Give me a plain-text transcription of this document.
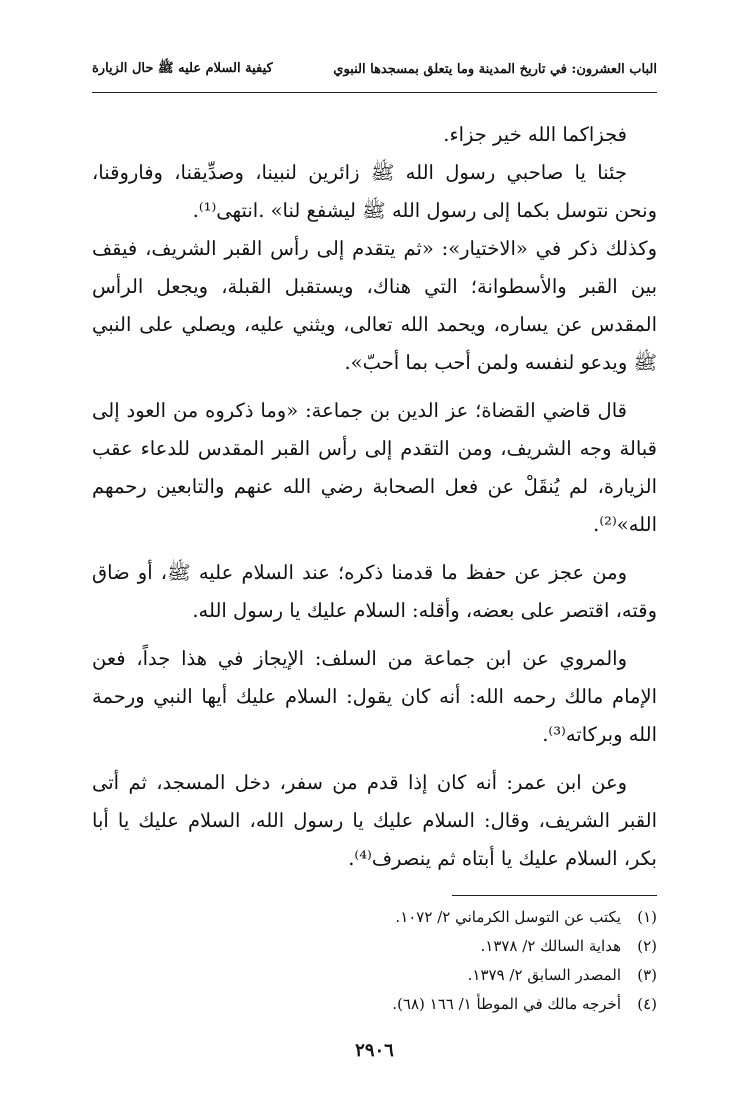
الباب العشرون: في تاريخ المدينة وما يتعلق بمسجدها النبوي
كيفية السلام عليه ﷺ حال الزيارة

فجزاكما الله خير جزاء.

جئنا يا صاحبي رسول الله ﷺ زائرين لنبينا، وصدِّيقنا، وفاروقنا، ونحن نتوسل بكما إلى رسول الله ﷺ ليشفع لنا» .انتهى⁽¹⁾.

وكذلك ذكر في «الاختيار»: «ثم يتقدم إلى رأس القبر الشريف، فيقف بين القبر والأسطوانة؛ التي هناك، ويستقبل القبلة، ويجعل الرأس المقدس عن يساره، ويحمد الله تعالى، ويثني عليه، ويصلي على النبي ﷺ ويدعو لنفسه ولمن أحب بما أحبّ».

قال قاضي القضاة؛ عز الدين بن جماعة: «وما ذكروه من العود إلى قبالة وجه الشريف، ومن التقدم إلى رأس القبر المقدس للدعاء عقب الزيارة، لم يُنقَلْ عن فعل الصحابة رضي الله عنهم والتابعين رحمهم الله»⁽²⁾.

ومن عجز عن حفظ ما قدمنا ذكره؛ عند السلام عليه ﷺ، أو ضاق وقته، اقتصر على بعضه، وأقله: السلام عليك يا رسول الله.

والمروي عن ابن جماعة من السلف: الإيجاز في هذا جداً، فعن الإمام مالك رحمه الله: أنه كان يقول: السلام عليك أيها النبي ورحمة الله وبركاته⁽³⁾.

وعن ابن عمر: أنه كان إذا قدم من سفر، دخل المسجد، ثم أتى القبر الشريف، وقال: السلام عليك يا رسول الله، السلام عليك يا أبا بكر، السلام عليك يا أبتاه ثم ينصرف⁽⁴⁾.

(١)
يكتب عن التوسل الكرماني ٢/ ١٠٧٢.
(٢)
هداية السالك ٢/ ١٣٧٨.
(٣)
المصدر السابق ٢/ ١٣٧٩.
(٤)
أخرجه مالك في الموطأ ١/ ١٦٦ (٦٨).
٢٩٠٦
